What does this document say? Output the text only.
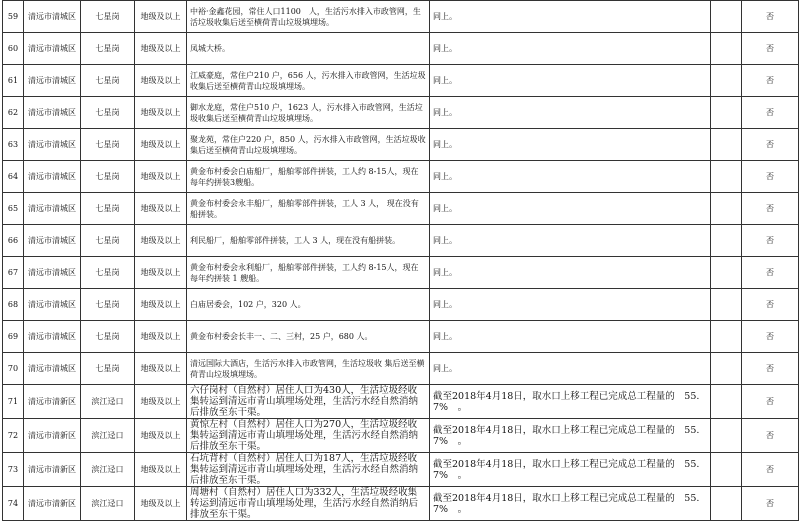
59	清远市清城区	七星岗	地级及以上	中裕·金鑫花园，常住人口1100　人，生活污水排入市政管网，生活垃圾收集后送至横荷青山垃圾填埋场。	同上。		否
60	清远市清城区	七星岗	地级及以上	凤城大桥。	同上。		否
61	清远市清城区	七星岗	地级及以上	江威豪庭，常住户210 户，656 人，污水排入市政管网，生活垃圾收集后送至横荷青山垃圾填埋场。	同上。		否
62	清远市清城区	七星岗	地级及以上	御水龙庭，常住户510 户，1623 人，污水排入市政管网，生活垃圾收集后送至横荷青山垃圾填埋场。	同上。		否
63	清远市清城区	七星岗	地级及以上	聚龙苑，常住户220 户，850 人，污水排入市政管网，生活垃圾收集后送至横荷青山垃圾填埋场。	同上。		否
64	清远市清城区	七星岗	地级及以上	黄金布村委会白庙船厂，船舶零部件拼装，工人约 8-15人，现在每年约拼装3艘船。	同上。		否
65	清远市清城区	七星岗	地级及以上	黄金布村委会永丰船厂，船舶零部件拼装，工人 3 人， 现在没有船拼装。	同上。		否
66	清远市清城区	七星岗	地级及以上	利民船厂，船舶零部件拼装，工人 3 人，现在没有船拼装。	同上。		否
67	清远市清城区	七星岗	地级及以上	黄金布村委会永利船厂，船舶零部件拼装，工人约 8-15人，现在每年约拼装 1 艘船。	同上。		否
68	清远市清城区	七星岗	地级及以上	白庙居委会，102 户，320 人。	同上。		否
69	清远市清城区	七星岗	地级及以上	黄金布村委会长丰一、二、三村，25 户，680 人。	同上。		否
70	清远市清城区	七星岗	地级及以上	清远国际大酒店，生活污水排入市政管网，生活垃圾收 集后送至横荷青山垃圾填埋场。	同上。		否
71	清远市清新区	滨江迳口	地级及以上	六仔岗村（自然村）居住人口为430人，生活垃圾经收集转运到清远市青山填埋场处理，生活污水经自然消纳后排放至东干渠。	截至2018年4月18日，取水口上移工程已完成总工程量的　55.7%　。		否
72	清远市清新区	滨江迳口	地级及以上	黄惊左村（自然村）居住人口为270人，生活垃圾经收集转运到清远市青山填埋场处理，生活污水经自然消纳后排放至东干渠。	截至2018年4月18日，取水口上移工程已完成总工程量的　55.7%　。		否
73	清远市清新区	滨江迳口	地级及以上	石坑背村（自然村）居住人口为187人，生活垃圾经收集转运到清远市青山填埋场处理，生活污水经自然消纳后排放至东干渠。	截至2018年4月18日，取水口上移工程已完成总工程量的　55.7%　。		否
74	清远市清新区	滨江迳口	地级及以上	周塘村（自然村）居住人口为332人，生活垃圾经收集转运到清远市青山填埋场处理，生活污水经自然消纳后排放至东干渠。	截至2018年4月18日，取水口上移工程已完成总工程量的　55.7%　。		否
